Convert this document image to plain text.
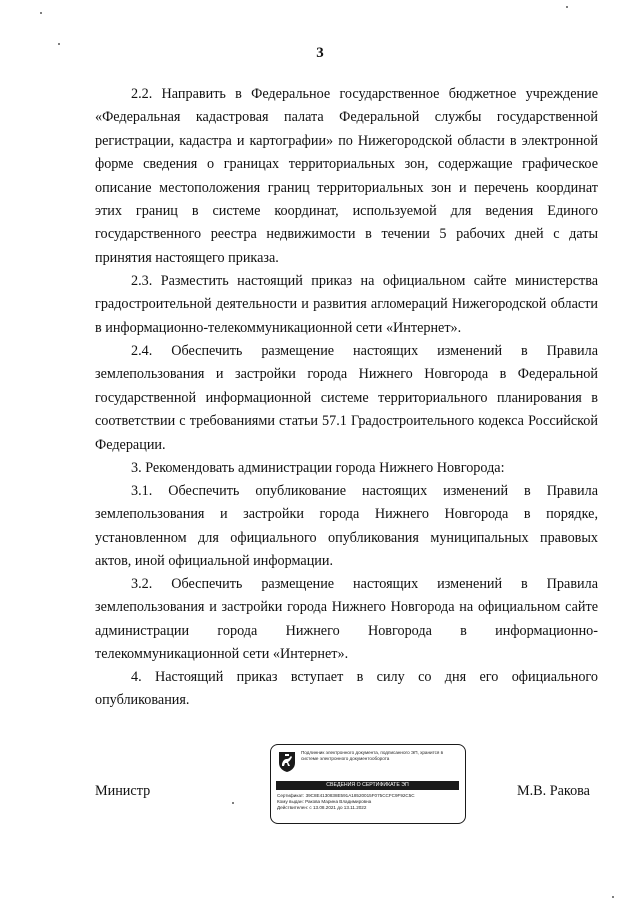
3

2.2. Направить в Федеральное государственное бюджетное учреждение «Федеральная кадастровая палата Федеральной службы государственной регистрации, кадастра и картографии» по Нижегородской области в электронной форме сведения о границах территориальных зон, содержащие графическое описание местоположения границ территориальных зон и перечень координат этих границ в системе координат, используемой для ведения Единого государственного реестра недвижимости в течении 5 рабочих дней с даты принятия настоящего приказа.

2.3. Разместить настоящий приказ на официальном сайте министерства градостроительной деятельности и развития агломераций Нижегородской области в информационно-телекоммуникационной сети «Интернет».

2.4. Обеспечить размещение настоящих изменений в Правила землепользования и застройки города Нижнего Новгорода в Федеральной государственной информационной системе территориального планирования в соответствии с требованиями статьи 57.1 Градостроительного кодекса Российской Федерации.

3. Рекомендовать администрации города Нижнего Новгорода:

3.1. Обеспечить опубликование настоящих изменений в Правила землепользования и застройки города Нижнего Новгорода в порядке, установленном для официального опубликования муниципальных правовых актов, иной официальной информации.

3.2. Обеспечить размещение настоящих изменений в Правила землепользования и застройки города Нижнего Новгорода на официальном сайте администрации города Нижнего Новгорода в информационно-телекоммуникационной сети «Интернет».

4. Настоящий приказ вступает в силу со дня его официального опубликования.

Министр
Подлинник электронного документа, подписанного ЭП, хранится в системе электронного документооборота
СВЕДЕНИЯ О СЕРТИФИКАТЕ ЭП
Сертификат: 39C8E4130838E591A18520015F075CCFC9F92C5C
Кому выдан: Ракова Марина Владимировна
Действителен: с 13.08.2021 до 13.11.2022
М.В. Ракова
